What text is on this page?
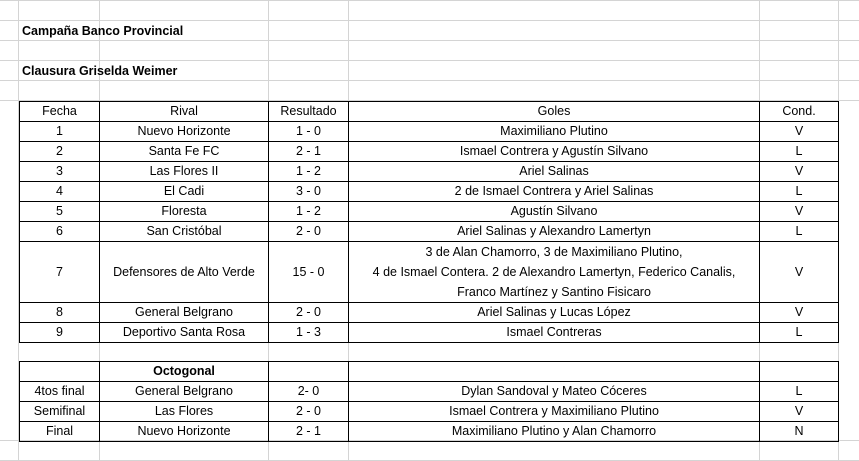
Campaña Banco Provincial
Clausura Griselda Weimer
Fecha	Rival	Resultado	Goles	Cond.
1	Nuevo Horizonte	1 - 0	Maximiliano Plutino	V
2	Santa Fe FC	2 - 1	Ismael Contrera y Agustín Silvano	L
3	Las Flores II	1 - 2	Ariel Salinas	V
4	El Cadi	3 - 0	2 de Ismael Contrera y Ariel Salinas	L
5	Floresta	1 - 2	Agustín Silvano	V
6	San Cristóbal	2 - 0	Ariel Salinas y Alexandro Lamertyn	L
7	Defensores de Alto Verde	15 - 0	3 de Alan Chamorro, 3 de Maximiliano Plutino,
4 de Ismael Contera. 2 de Alexandro Lamertyn, Federico Canalis,
Franco Martínez y Santino Fisicaro	V
8	General Belgrano	2 - 0	Ariel Salinas y Lucas López	V
9	Deportivo Santa Rosa	1 - 3	Ismael Contreras	L
	Octogonal			
4tos final	General Belgrano	2- 0	Dylan Sandoval y Mateo Cóceres	L
Semifinal	Las Flores	2 - 0	Ismael Contrera y Maximiliano Plutino	V
Final	Nuevo Horizonte	2 - 1	Maximiliano Plutino y Alan Chamorro	N
